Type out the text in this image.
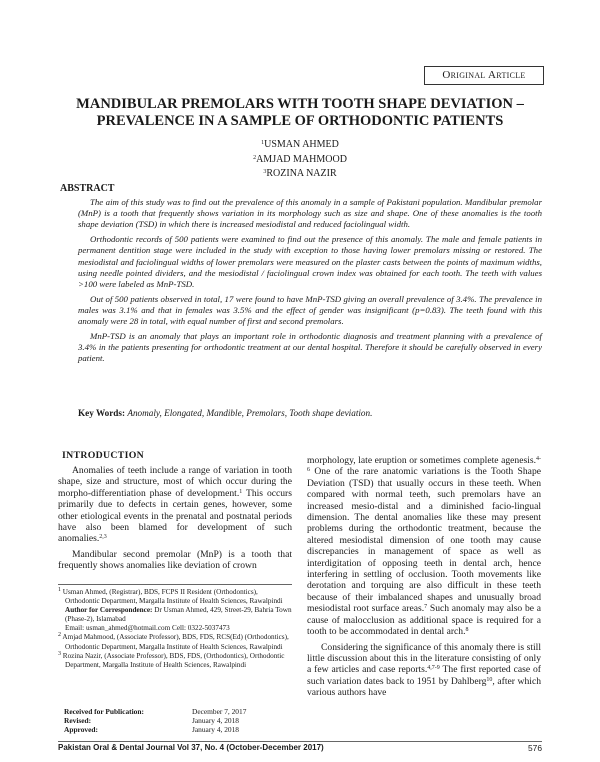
Original Article
MANDIBULAR PREMOLARS WITH TOOTH SHAPE DEVIATION –
PREVALENCE IN A SAMPLE OF ORTHODONTIC PATIENTS
$^1$USMAN AHMED
$^2$AMJAD MAHMOOD
$^3$ROZINA NAZIR
ABSTRACT

The aim of this study was to find out the prevalence of this anomaly in a sample of Pakistani population. Mandibular premolar (MnP) is a tooth that frequently shows variation in its morphology such as size and shape. One of these anomalies is the tooth shape deviation (TSD) in which there is increased mesiodistal and reduced faciolingual width.

Orthodontic records of 500 patients were examined to find out the presence of this anomaly. The male and female patients in permanent dentition stage were included in the study with exception to those having lower premolars missing or restored. The mesiodistal and faciolingual widths of lower premolars were measured on the plaster casts between the points of maximum widths, using needle pointed dividers, and the mesiodistal / faciolingual crown index was obtained for each tooth. The teeth with values >100 were labeled as MnP-TSD.

Out of 500 patients observed in total, 17 were found to have MnP-TSD giving an overall prevalence of 3.4%. The prevalence in males was 3.1% and that in females was 3.5% and the effect of gender was insignificant (p=0.83). The teeth found with this anomaly were 28 in total, with equal number of first and second premolars.

MnP-TSD is an anomaly that plays an important role in orthodontic diagnosis and treatment planning with a prevalence of 3.4% in the patients presenting for orthodontic treatment at our dental hospital. Therefore it should be carefully observed in every patient.

Key Words: Anomaly, Elongated, Mandible, Premolars, Tooth shape deviation.
INTRODUCTION

Anomalies of teeth include a range of variation in tooth shape, size and structure, most of which occur during the morpho-differentiation phase of development.$^1$ This occurs primarily due to defects in certain genes, however, some other etiological events in the prenatal and postnatal periods have also been blamed for development of such anomalies.$^{2,3}$

Mandibular second premolar (MnP) is a tooth that frequently shows anomalies like deviation of crown

$^1$ Usman Ahmed, (Registrar), BDS, FCPS II Resident (Orthodontics), Orthodontic Department, Margalla Institute of Health Sciences, Rawalpindi Author for Correspondence: Dr Usman Ahmed, 429, Street-29, Bahria Town (Phase-2), Islamabad
Email: usman_ahmed@hotmail.com Cell: 0322-5037473

$^2$ Amjad Mahmood, (Associate Professor), BDS, FDS, RCS(Ed) (Orthodontics), Orthodontic Department, Margalla Institute of Health Sciences, Rawalpindi

$^3$ Rozina Nazir, (Associate Professor), BDS, FDS, (Orthodontics), Orthodontic Department, Margalla Institute of Health Sciences, Rawalpindi

Received for Publication:	December 7, 2017
Revised:	January 4, 2018
Approved:	January 4, 2018

morphology, late eruption or sometimes complete agenesis.$^{4-6}$ One of the rare anatomic variations is the Tooth Shape Deviation (TSD) that usually occurs in these teeth. When compared with normal teeth, such premolars have an increased mesio-distal and a diminished facio-lingual dimension. The dental anomalies like these may present problems during the orthodontic treatment, because the altered mesiodistal dimension of one tooth may cause discrepancies in management of space as well as interdigitation of opposing teeth in dental arch, hence interfering in settling of occlusion. Tooth movements like derotation and torquing are also difficult in these teeth because of their imbalanced shapes and unusually broad mesiodistal root surface areas.$^7$ Such anomaly may also be a cause of malocclusion as additional space is required for a tooth to be accommodated in dental arch.$^8$

Considering the significance of this anomaly there is still little discussion about this in the literature consisting of only a few articles and case reports.$^{4,7-9}$ The first reported case of such variation dates back to 1951 by Dahlberg$^{10}$, after which various authors have

Pakistan Oral & Dental Journal Vol 37, No. 4 (October-December 2017)	576
